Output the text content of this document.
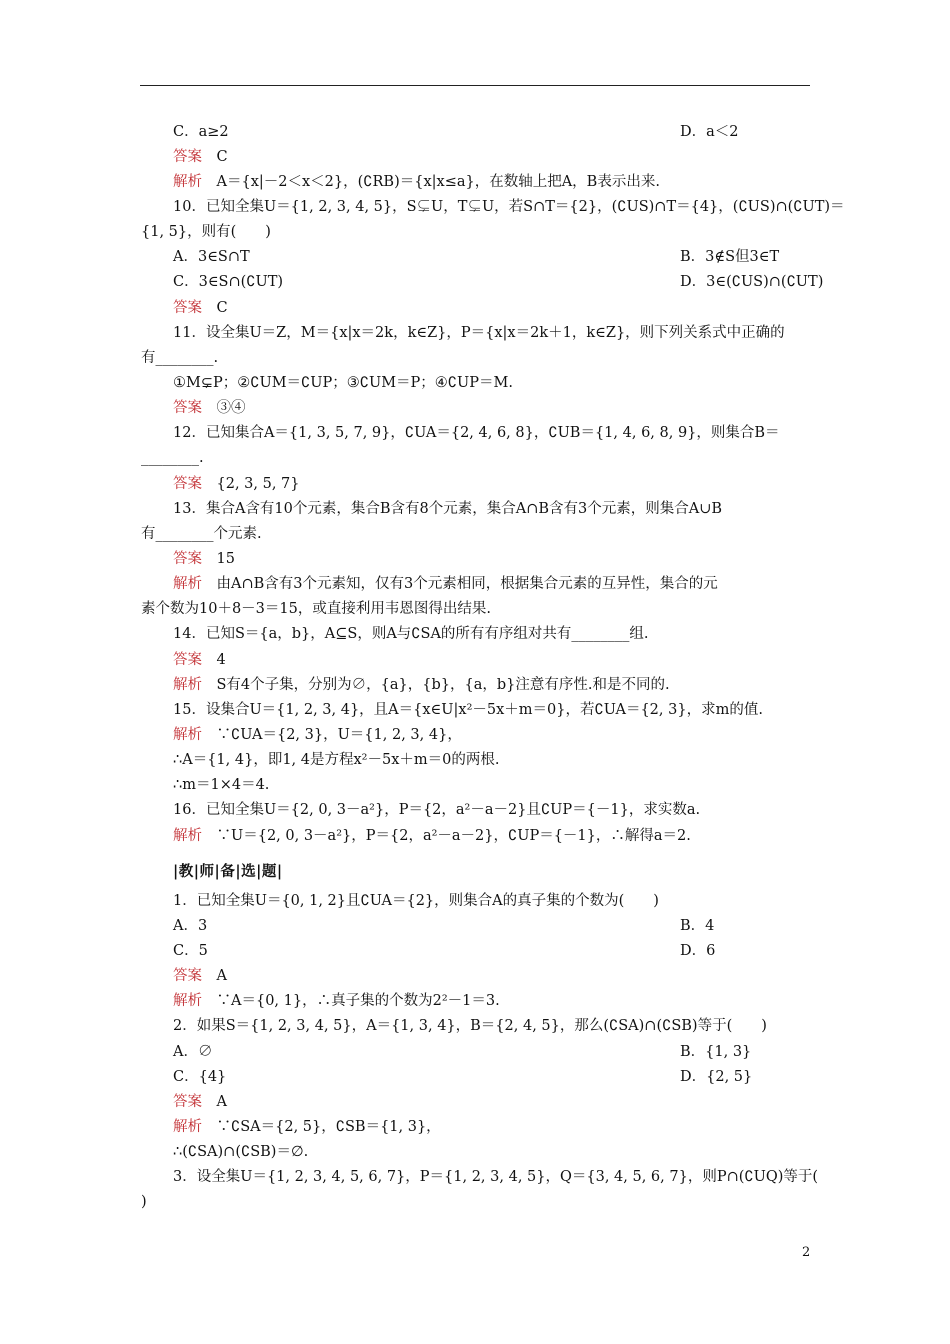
C．a≥2	D．a＜2
答案　C
解析　A＝{x|－2＜x＜2}，(∁RB)＝{x|x≤a}，在数轴上把A，B表示出来.
10．已知全集U＝{1, 2, 3, 4, 5}，S⊊U，T⊊U，若S∩T＝{2}，(∁US)∩T＝{4}，(∁US)∩(∁UT)＝
{1, 5}，则有(　　)
A．3∈S∩T	B．3∉S但3∈T
C．3∈S∩(∁UT)	D．3∈(∁US)∩(∁UT)
答案　C
11．设全集U＝Z，M＝{x|x＝2k，k∈Z}，P＝{x|x＝2k＋1，k∈Z}，则下列关系式中正确的
有________.
①M⊊P；②∁UM＝∁UP；③∁UM＝P；④∁UP＝M.
答案　③④
12．已知集合A＝{1, 3, 5, 7, 9}，∁UA＝{2, 4, 6, 8}，∁UB＝{1, 4, 6, 8, 9}，则集合B＝
________.
答案　{2, 3, 5, 7}
13．集合A含有10个元素，集合B含有8个元素，集合A∩B含有3个元素，则集合A∪B
有________个元素.
答案　15
解析　由A∩B含有3个元素知，仅有3个元素相同，根据集合元素的互异性，集合的元
素个数为10＋8－3＝15，或直接利用韦恩图得出结果.
14．已知S＝{a，b}，A⊆S，则A与∁SA的所有有序组对共有________组.
答案　4
解析　S有4个子集，分别为∅，{a}，{b}，{a，b}注意有序性.和是不同的.
15．设集合U＝{1, 2, 3, 4}，且A＝{x∈U|x²－5x＋m＝0}，若∁UA＝{2, 3}，求m的值.
解析　∵∁UA＝{2, 3}，U＝{1, 2, 3, 4}，
∴A＝{1, 4}，即1, 4是方程x²－5x＋m＝0的两根.
∴m＝1×4＝4.
16．已知全集U＝{2, 0, 3－a²}，P＝{2，a²－a－2}且∁UP＝{－1}，求实数a.
解析　∵U＝{2, 0, 3－a²}，P＝{2，a²－a－2}，∁UP＝{－1}，∴解得a＝2.
|教|师|备|选|题|
1．已知全集U＝{0, 1, 2}且∁UA＝{2}，则集合A的真子集的个数为(　　)
A．3	B．4
C．5	D．6
答案　A
解析　∵A＝{0, 1}，∴真子集的个数为2²－1＝3.
2．如果S＝{1, 2, 3, 4, 5}，A＝{1, 3, 4}，B＝{2, 4, 5}，那么(∁SA)∩(∁SB)等于(　　)
A．∅	B．{1, 3}
C．{4}	D．{2, 5}
答案　A
解析　∵∁SA＝{2, 5}，∁SB＝{1, 3}，
∴(∁SA)∩(∁SB)＝∅.
3．设全集U＝{1, 2, 3, 4, 5, 6, 7}，P＝{1, 2, 3, 4, 5}，Q＝{3, 4, 5, 6, 7}，则P∩(∁UQ)等于(
)
2
